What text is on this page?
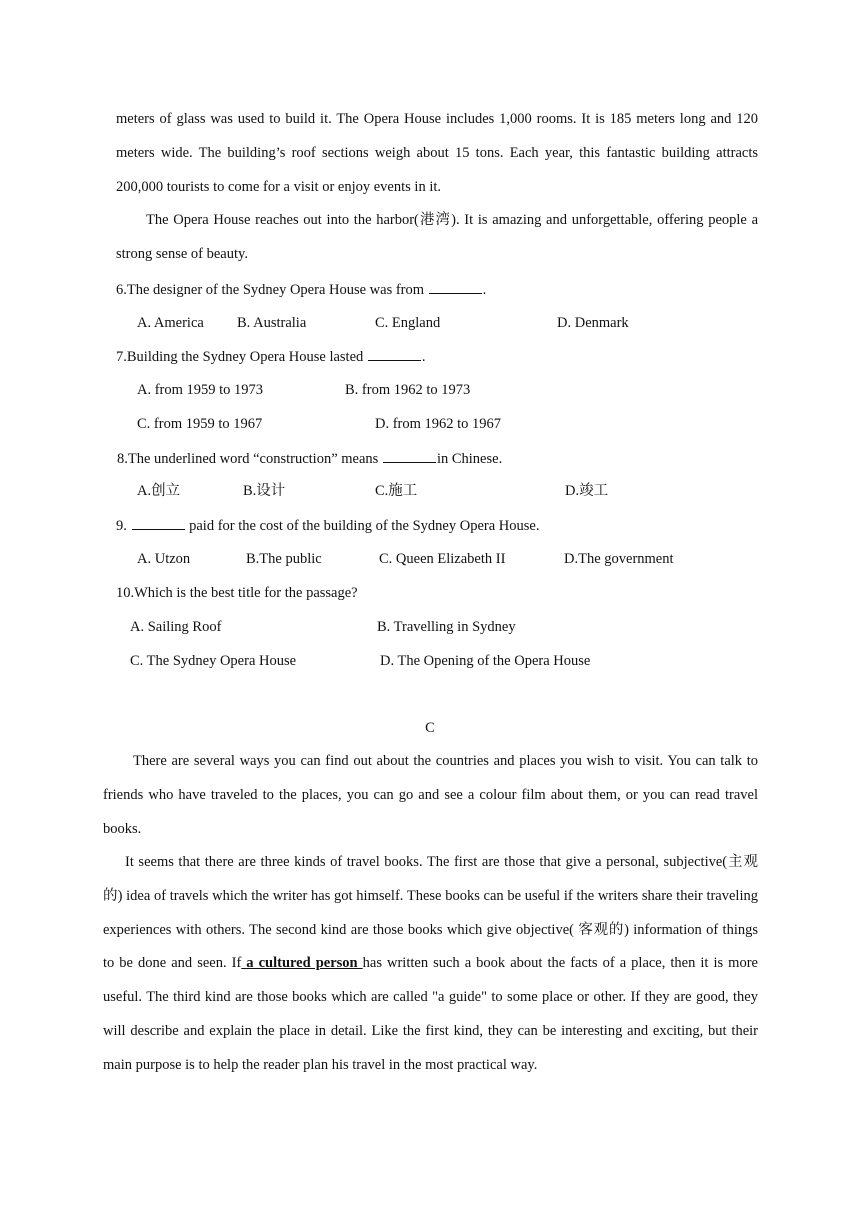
meters of glass was used to build it. The Opera House includes 1,000 rooms. It is 185 meters long and 120 meters wide. The building’s roof sections weigh about 15 tons. Each year, this fantastic building attracts 200,000 tourists to come for a visit or enjoy events in it.

The Opera House reaches out into the harbor(港湾). It is amazing and unforgettable, offering people a strong sense of beauty.

6.The designer of the Sydney Opera House was from	.
A. America B. Australia	C. England	D. Denmark
7.Building the Sydney Opera House lasted	.
A. from 1959 to 1973	B. from 1962 to 1973
C. from 1959 to 1967	D. from 1962 to 1967
8.The underlined word “construction” means	in Chinese.
A.创立	B.设计	C.施工	D.竣工
9.	paid for the cost of the building of the Sydney Opera House.
A. Utzon	B.The public	C. Queen Elizabeth II	D.The government
10.Which is the best title for the passage?
A. Sailing Roof	B. Travelling in Sydney
C. The Sydney Opera House	D. The Opening of the Opera House
C

There are several ways you can find out about the countries and places you wish to visit. You can talk to friends who have traveled to the places, you can go and see a colour film about them, or you can read travel books.

It seems that there are three kinds of travel books. The first are those that give a personal, subjective(主观的) idea of travels which the writer has got himself. These books can be useful if the writers share their traveling experiences with others. The second kind are those books which give objective( 客观的) information of things to be done and seen. If a cultured person has written such a book about the facts of a place, then it is more useful. The third kind are those books which are called "a guide" to some place or other. If they are good, they will describe and explain the place in detail. Like the first kind, they can be interesting and exciting, but their main purpose is to help the reader plan his travel in the most practical way.
